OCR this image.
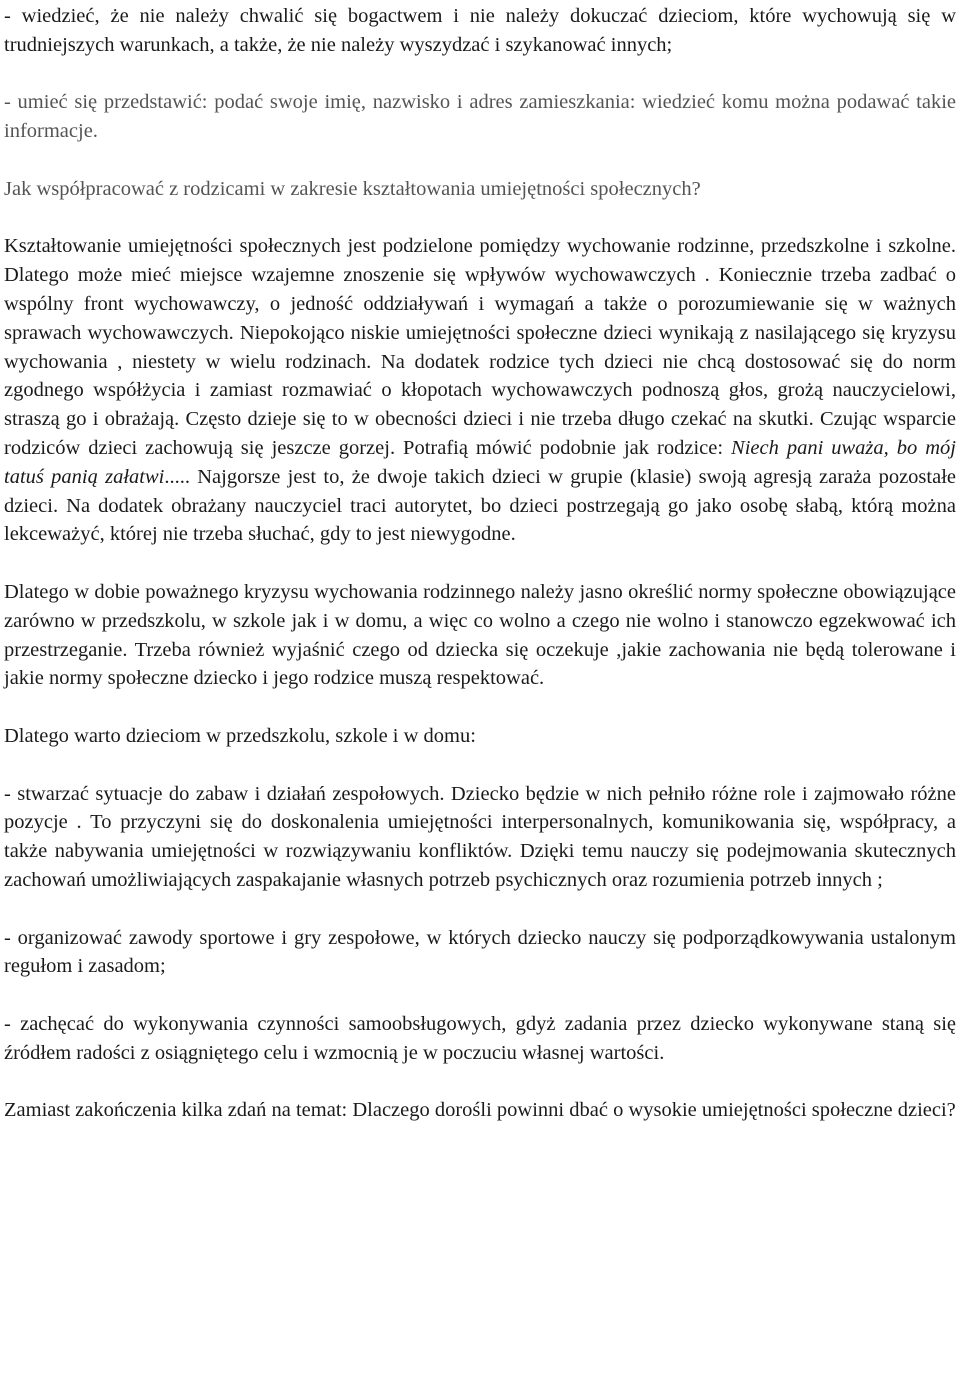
- wiedzieć, że nie należy chwalić się bogactwem i nie należy dokuczać dzieciom, które wychowują się w trudniejszych warunkach, a także, że nie należy wyszydzać i szykanować innych;

- umieć się przedstawić: podać swoje imię, nazwisko i adres zamieszkania: wiedzieć komu można podawać takie informacje.

Jak współpracować z rodzicami w zakresie kształtowania umiejętności społecznych?

Kształtowanie umiejętności społecznych jest podzielone pomiędzy wychowanie rodzinne, przedszkolne i szkolne. Dlatego może mieć miejsce wzajemne znoszenie się wpływów wychowawczych . Koniecznie trzeba zadbać o wspólny front wychowawczy, o jedność oddziaływań i wymagań a także o porozumiewanie się w ważnych sprawach wychowawczych. Niepokojąco niskie umiejętności społeczne dzieci wynikają z nasilającego się kryzysu wychowania , niestety w wielu rodzinach. Na dodatek rodzice tych dzieci nie chcą dostosować się do norm zgodnego współżycia i zamiast rozmawiać o kłopotach wychowawczych podnoszą głos, grożą nauczycielowi, straszą go i obrażają. Często dzieje się to w obecności dzieci i nie trzeba długo czekać na skutki. Czując wsparcie rodziców dzieci zachowują się jeszcze gorzej. Potrafią mówić podobnie jak rodzice: Niech pani uważa, bo mój tatuś panią załatwi..... Najgorsze jest to, że dwoje takich dzieci w grupie (klasie) swoją agresją zaraża pozostałe dzieci. Na dodatek obrażany nauczyciel traci autorytet, bo dzieci postrzegają go jako osobę słabą, którą można lekceważyć, której nie trzeba słuchać, gdy to jest niewygodne.

Dlatego w dobie poważnego kryzysu wychowania rodzinnego należy jasno określić normy społeczne obowiązujące zarówno w przedszkolu, w szkole jak i w domu, a więc co wolno a czego nie wolno i stanowczo egzekwować ich przestrzeganie. Trzeba również wyjaśnić czego od dziecka się oczekuje ,jakie zachowania nie będą tolerowane i jakie normy społeczne dziecko i jego rodzice muszą respektować.

Dlatego warto dzieciom w przedszkolu, szkole i w domu:

- stwarzać sytuacje do zabaw i działań zespołowych. Dziecko będzie w nich pełniło różne role i zajmowało różne pozycje . To przyczyni się do doskonalenia umiejętności interpersonalnych, komunikowania się, współpracy, a także nabywania umiejętności w rozwiązywaniu konfliktów. Dzięki temu nauczy się podejmowania skutecznych zachowań umożliwiających zaspakajanie własnych potrzeb psychicznych oraz rozumienia potrzeb innych ;

- organizować zawody sportowe i gry zespołowe, w których dziecko nauczy się podporządkowywania ustalonym regułom i zasadom;

- zachęcać do wykonywania czynności samoobsługowych, gdyż zadania przez dziecko wykonywane staną się źródłem radości z osiągniętego celu i wzmocnią je w poczuciu własnej wartości.

Zamiast zakończenia kilka zdań na temat: Dlaczego dorośli powinni dbać o wysokie umiejętności społeczne dzieci?
